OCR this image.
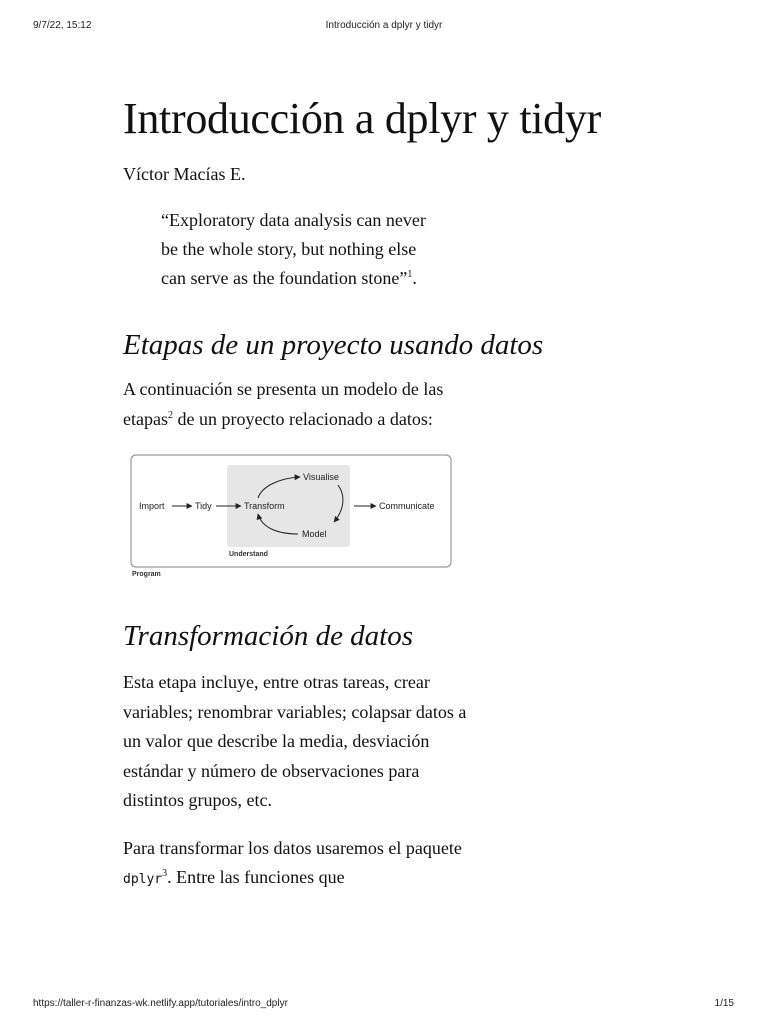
9/7/22, 15:12	Introducción a dplyr y tidyr
Introducción a dplyr y tidyr

Víctor Macías E.

“Exploratory data analysis can never be the whole story, but nothing else can serve as the foundation stone”$^1$.
Etapas de un proyecto usando datos

A continuación se presenta un modelo de las etapas$^2$ de un proyecto relacionado a datos:

Import	Tidy	Transform
Visualise
Model
Communicate
Understand
Program
Transformación de datos

Esta etapa incluye, entre otras tareas, crear variables; renombrar variables; colapsar datos a un valor que describe la media, desviación estándar y número de observaciones para distintos grupos, etc.

Para transformar los datos usaremos el paquete dplyr$^3$. Entre las funciones que

https://taller-r-finanzas-wk.netlify.app/tutoriales/intro_dplyr	1/15
